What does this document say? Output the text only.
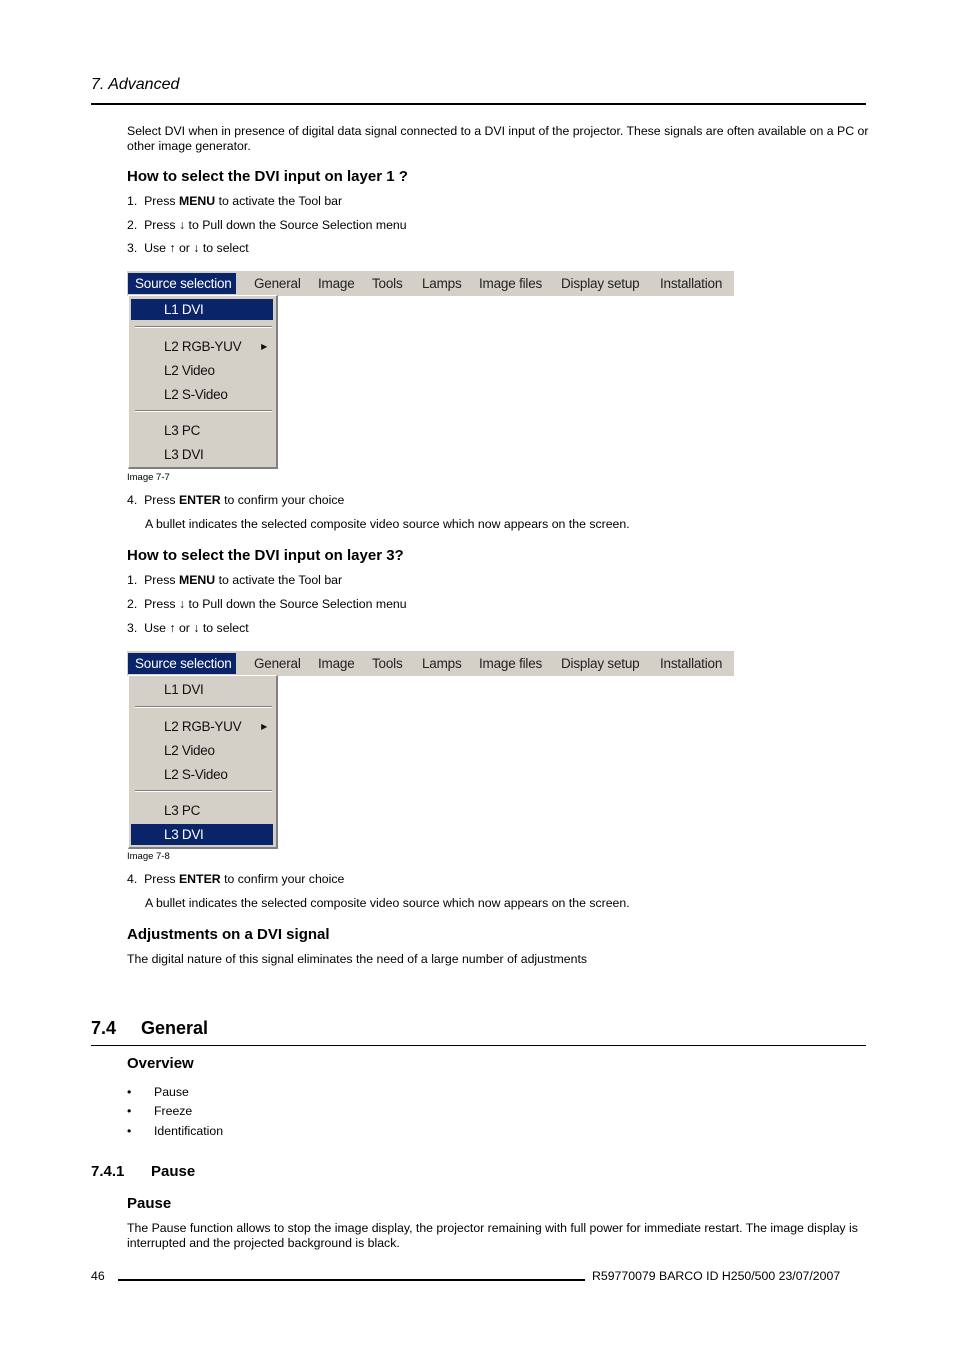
7. Advanced
Select DVI when in presence of digital data signal connected to a DVI input of the projector. These signals are often available on a PC or other image generator.
How to select the DVI input on layer 1 ?
1. Press MENU to activate the Tool bar
2. Press ↓ to Pull down the Source Selection menu
3. Use ↑ or ↓ to select
Source selection General Image Tools Lamps Image files Display setup Installation
L1 DVI
L2 RGB-YUV ▶
L2 Video
L2 S-Video
L3 PC
L3 DVI
Image 7-7
4. Press ENTER to confirm your choice
A bullet indicates the selected composite video source which now appears on the screen.
How to select the DVI input on layer 3?
1. Press MENU to activate the Tool bar
2. Press ↓ to Pull down the Source Selection menu
3. Use ↑ or ↓ to select
Source selection General Image Tools Lamps Image files Display setup Installation
L1 DVI
L2 RGB-YUV ▶
L2 Video
L2 S-Video
L3 PC
L3 DVI
Image 7-8
4. Press ENTER to confirm your choice
A bullet indicates the selected composite video source which now appears on the screen.
Adjustments on a DVI signal
The digital nature of this signal eliminates the need of a large number of adjustments
7.4 General
Overview
• Pause
• Freeze
• Identification
7.4.1 Pause
Pause
The Pause function allows to stop the image display, the projector remaining with full power for immediate restart. The image display is interrupted and the projected background is black.
46	R59770079 BARCO ID H250/500 23/07/2007
